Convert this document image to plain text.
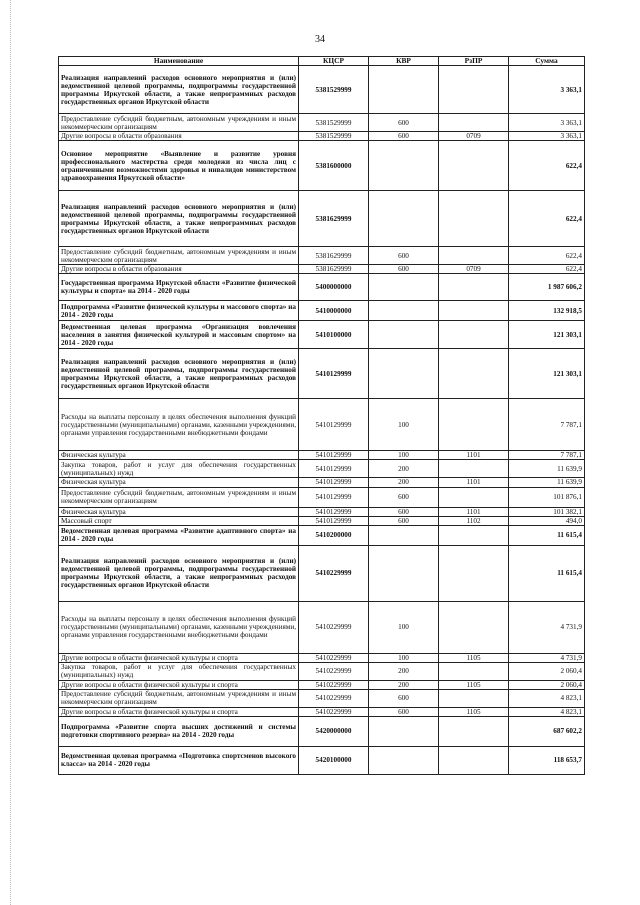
34
Наименование	КЦСР	КВР	РзПР	Сумма
Реализация направлений расходов основного мероприятия и (или) ведомственной целевой программы, подпрограммы государственной программы Иркутской области, а также непрограммных расходов государственных органов Иркутской области	5381529999			3 363,1
Предоставление субсидий бюджетным, автономным учреждениям и иным некоммерческим организациям	5381529999	600		3 363,1
Другие вопросы в области образования	5381529999	600	0709	3 363,1
Основное мероприятие «Выявление и развитие уровня профессионального мастерства среди молодежи из числа лиц с ограниченными возможностями здоровья и инвалидов министерством здравоохранения Иркутской области»	5381600000			622,4
Реализация направлений расходов основного мероприятия и (или) ведомственной целевой программы, подпрограммы государственной программы Иркутской области, а также непрограммных расходов государственных органов Иркутской области	5381629999			622,4
Предоставление субсидий бюджетным, автономным учреждениям и иным некоммерческим организациям	5381629999	600		622,4
Другие вопросы в области образования	5381629999	600	0709	622,4
Государственная программа Иркутской области «Развитие физической культуры и спорта» на 2014 - 2020 годы	5400000000			1 987 606,2
Подпрограмма «Развитие физической культуры и массового спорта» на 2014 - 2020 годы	5410000000			132 918,5
Ведомственная целевая программа «Организация вовлечения населения в занятия физической культурой и массовым спортом» на 2014 - 2020 годы	5410100000			121 303,1
Реализация направлений расходов основного мероприятия и (или) ведомственной целевой программы, подпрограммы государственной программы Иркутской области, а также непрограммных расходов государственных органов Иркутской области	5410129999			121 303,1
Расходы на выплаты персоналу в целях обеспечения выполнения функций государственными (муниципальными) органами, казенными учреждениями, органами управления государственными внебюджетными фондами	5410129999	100		7 787,1
Физическая культура	5410129999	100	1101	7 787,1
Закупка товаров, работ и услуг для обеспечения государственных (муниципальных) нужд	5410129999	200		11 639,9
Физическая культура	5410129999	200	1101	11 639,9
Предоставление субсидий бюджетным, автономным учреждениям и иным некоммерческим организациям	5410129999	600		101 876,1
Физическая культура	5410129999	600	1101	101 382,1
Массовый спорт	5410129999	600	1102	494,0
Ведомственная целевая программа «Развитие адаптивного спорта» на 2014 - 2020 годы	5410200000			11 615,4
Реализация направлений расходов основного мероприятия и (или) ведомственной целевой программы, подпрограммы государственной программы Иркутской области, а также непрограммных расходов государственных органов Иркутской области	5410229999			11 615,4
Расходы на выплаты персоналу в целях обеспечения выполнения функций государственными (муниципальными) органами, казенными учреждениями, органами управления государственными внебюджетными фондами	5410229999	100		4 731,9
Другие вопросы в области физической культуры и спорта	5410229999	100	1105	4 731,9
Закупка товаров, работ и услуг для обеспечения государственных (муниципальных) нужд	5410229999	200		2 060,4
Другие вопросы в области физической культуры и спорта	5410229999	200	1105	2 060,4
Предоставление субсидий бюджетным, автономным учреждениям и иным некоммерческим организациям	5410229999	600		4 823,1
Другие вопросы в области физической культуры и спорта	5410229999	600	1105	4 823,1
Подпрограмма «Развитие спорта высших достижений и системы подготовки спортивного резерва» на 2014 - 2020 годы	5420000000			687 602,2
Ведомственная целевая программа «Подготовка спортсменов высокого класса» на 2014 - 2020 годы	5420100000			118 653,7
